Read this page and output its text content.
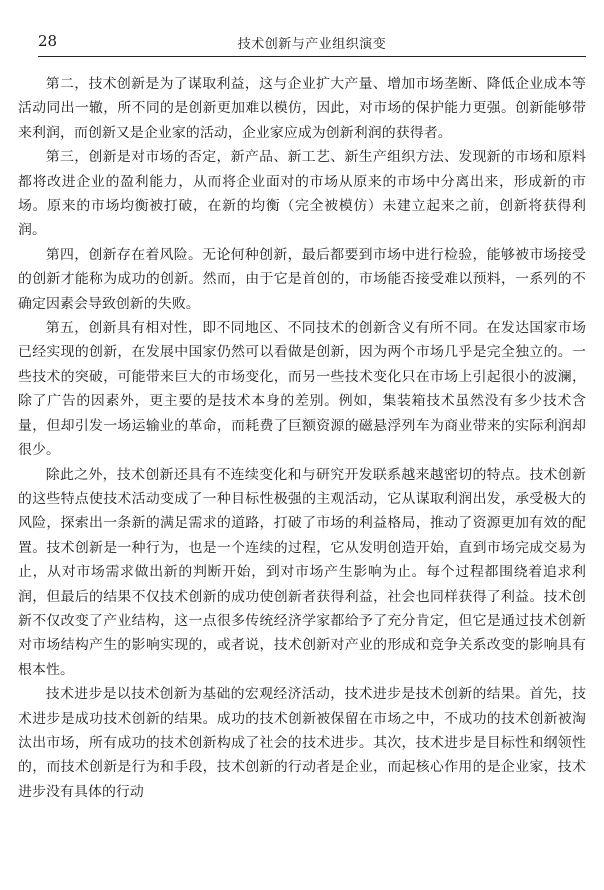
28	技术创新与产业组织演变

第二，技术创新是为了谋取利益，这与企业扩大产量、增加市场垄断、降低企业成本等活动同出一辙，所不同的是创新更加难以模仿，因此，对市场的保护能力更强。创新能够带来利润，而创新又是企业家的活动，企业家应成为创新利润的获得者。

第三，创新是对市场的否定，新产品、新工艺、新生产组织方法、发现新的市场和原料都将改进企业的盈利能力，从而将企业面对的市场从原来的市场中分离出来，形成新的市场。原来的市场均衡被打破，在新的均衡（完全被模仿）未建立起来之前，创新将获得利润。

第四，创新存在着风险。无论何种创新，最后都要到市场中进行检验，能够被市场接受的创新才能称为成功的创新。然而，由于它是首创的，市场能否接受难以预料，一系列的不确定因素会导致创新的失败。

第五，创新具有相对性，即不同地区、不同技术的创新含义有所不同。在发达国家市场已经实现的创新，在发展中国家仍然可以看做是创新，因为两个市场几乎是完全独立的。一些技术的突破，可能带来巨大的市场变化，而另一些技术变化只在市场上引起很小的波澜，除了广告的因素外，更主要的是技术本身的差别。例如，集装箱技术虽然没有多少技术含量，但却引发一场运输业的革命，而耗费了巨额资源的磁悬浮列车为商业带来的实际利润却很少。

除此之外，技术创新还具有不连续变化和与研究开发联系越来越密切的特点。技术创新的这些特点使技术活动变成了一种目标性极强的主观活动，它从谋取利润出发，承受极大的风险，探索出一条新的满足需求的道路，打破了市场的利益格局，推动了资源更加有效的配置。技术创新是一种行为，也是一个连续的过程，它从发明创造开始，直到市场完成交易为止，从对市场需求做出新的判断开始，到对市场产生影响为止。每个过程都围绕着追求利润，但最后的结果不仅技术创新的成功使创新者获得利益，社会也同样获得了利益。技术创新不仅改变了产业结构，这一点很多传统经济学家都给予了充分肯定，但它是通过技术创新对市场结构产生的影响实现的，或者说，技术创新对产业的形成和竞争关系改变的影响具有根本性。

技术进步是以技术创新为基础的宏观经济活动，技术进步是技术创新的结果。首先，技术进步是成功技术创新的结果。成功的技术创新被保留在市场之中，不成功的技术创新被淘汰出市场，所有成功的技术创新构成了社会的技术进步。其次，技术进步是目标性和纲领性的，而技术创新是行为和手段，技术创新的行动者是企业，而起核心作用的是企业家，技术进步没有具体的行动
